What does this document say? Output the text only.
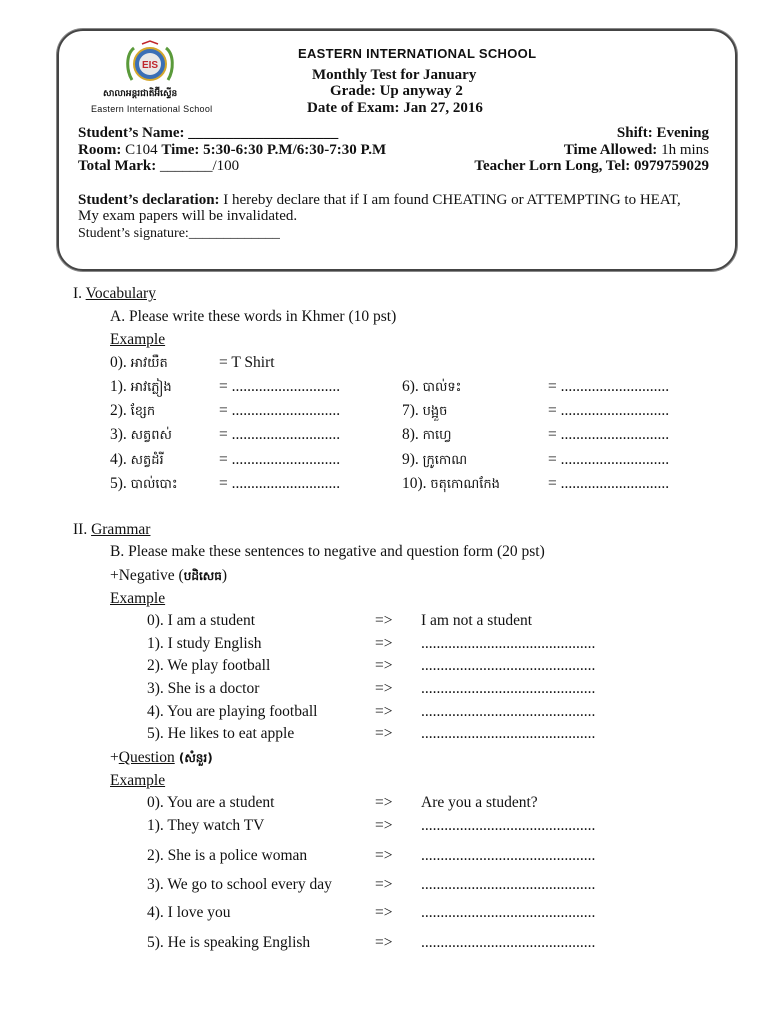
EIS
សាលាអន្តរជាតិអ៊ីស្ទើន
Eastern International School
EASTERN INTERNATIONAL SCHOOL
Monthly Test for January
Grade: Up anyway 2
Date of Exam: Jan 27, 2016
Student’s Name: ____________________	Shift: Evening
Room: C104 Time: 5:30-6:30 P.M/6:30-7:30 P.M	Time Allowed: 1h mins
Total Mark: _______/100	Teacher Lorn Long, Tel: 0979759029
Student’s declaration: I hereby declare that if I am found CHEATING or ATTEMPTING to HEAT,
My exam papers will be invalidated.
Student’s signature:_____________
I. Vocabulary
A. Please write these words in Khmer (10 pst)
Example
0). អាវយឺត	= T Shirt
1). អាវភ្លៀង	= ............................
2). ខ្សែក	= ............................
3). សត្វពស់	= ............................
4). សត្វដំរី	= ............................
5). បាល់បោះ	= ............................
6). បាល់ទះ	= ............................
7). បង្អួច	= ............................
8). កាហ្វេ	= ............................
9). ក្រូកោណ	= ............................
10). ចតុកោណកែង	= ............................
II. Grammar
B. Please make these sentences to negative and question form (20 pst)
+Negative (បដិសេធ)
Example
0). I am a student	=> I am not a student
1). I study English	=> .............................................
2). We play football	=> .............................................
3). She is a doctor	=> .............................................
4). You are playing football	=> .............................................
5). He likes to eat apple	=> .............................................
+Question (សំនួរ)
Example
0). You are a student	=> Are you a student?
1). They watch TV	=> .............................................
2). She is a police woman	=> .............................................
3). We go to school every day	=> .............................................
4). I love you	=> .............................................
5). He is speaking English	=> .............................................
